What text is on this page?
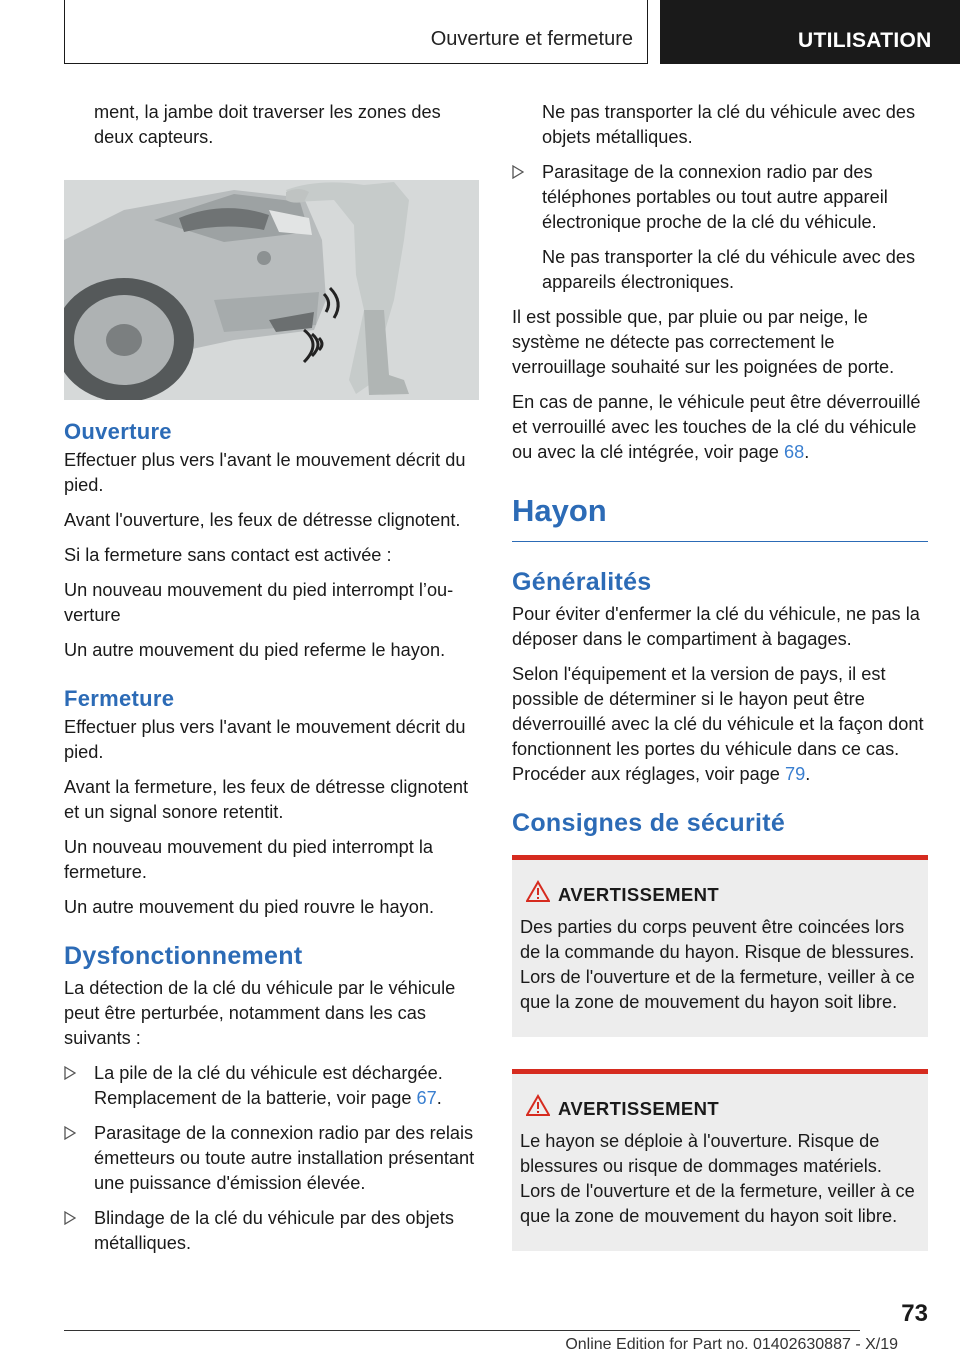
Ouverture et fermeture	UTILISATION

ment, la jambe doit traverser les zones des deux capteurs.

Ouverture

Effectuer plus vers l'avant le mouvement décrit du pied.

Avant l'ouverture, les feux de détresse clignotent.

Si la fermeture sans contact est activée :

Un nouveau mouvement du pied interrompt l’ou-verture

Un autre mouvement du pied referme le hayon.

Fermeture

Effectuer plus vers l'avant le mouvement décrit du pied.

Avant la fermeture, les feux de détresse clignotent et un signal sonore retentit.

Un nouveau mouvement du pied interrompt la fermeture.

Un autre mouvement du pied rouvre le hayon.

Dysfonctionnement

La détection de la clé du véhicule par le véhicule peut être perturbée, notamment dans les cas suivants :

La pile de la clé du véhicule est déchargée. Remplacement de la batterie, voir page 67.
Parasitage de la connexion radio par des relais émetteurs ou toute autre installation présentant une puissance d'émission élevée.
Blindage de la clé du véhicule par des objets métalliques.

Ne pas transporter la clé du véhicule avec des objets métalliques.

Parasitage de la connexion radio par des téléphones portables ou tout autre appareil électronique proche de la clé du véhicule.

Ne pas transporter la clé du véhicule avec des appareils électroniques.

Il est possible que, par pluie ou par neige, le système ne détecte pas correctement le verrouillage souhaité sur les poignées de porte.

En cas de panne, le véhicule peut être déverrouillé et verrouillé avec les touches de la clé du véhicule ou avec la clé intégrée, voir page 68.

Hayon
Généralités

Pour éviter d'enfermer la clé du véhicule, ne pas la déposer dans le compartiment à bagages.

Selon l'équipement et la version de pays, il est possible de déterminer si le hayon peut être déverrouillé avec la clé du véhicule et la façon dont fonctionnent les portes du véhicule dans ce cas. Procéder aux réglages, voir page 79.

Consignes de sécurité
AVERTISSEMENT
Des parties du corps peuvent être coincées lors de la commande du hayon. Risque de blessures. Lors de l'ouverture et de la fermeture, veiller à ce que la zone de mouvement du hayon soit libre.
AVERTISSEMENT
Le hayon se déploie à l'ouverture. Risque de blessures ou risque de dommages matériels. Lors de l'ouverture et de la fermeture, veiller à ce que la zone de mouvement du hayon soit libre.
73
Online Edition for Part no. 01402630887 - X/19
